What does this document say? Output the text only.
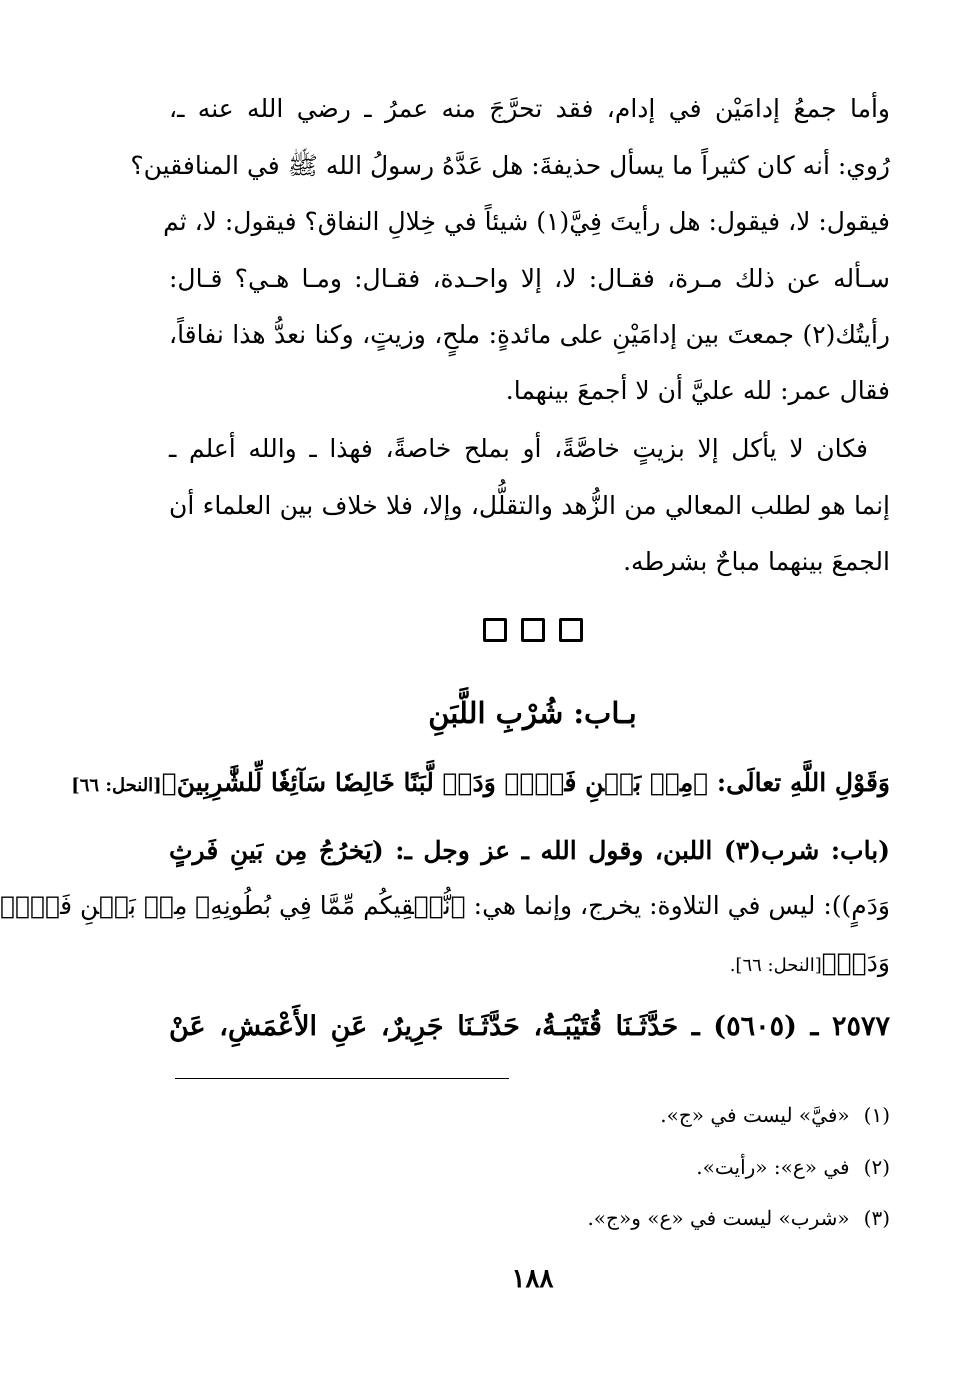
وأما جمعُ إدامَيْن في إدام، فقد تحرَّجَ منه عمرُ ـ رضي الله عنه ـ،
رُوي: أنه كان كثيراً ما يسأل حذيفةَ: هل عَدَّهُ رسولُ الله ﷺ في المنافقين؟
فيقول: لا، فيقول: هل رأيتَ فِيَّ(١) شيئاً في خِلالِ النفاق؟ فيقول: لا، ثم
سـأله عن ذلك مـرة، فقـال: لا، إلا واحـدة، فقـال: ومـا هـي؟ قـال:
رأيتُك(٢) جمعتَ بين إدامَيْنِ على مائدةٍ: ملحٍ، وزيتٍ، وكنا نعدُّ هذا نفاقاً،
فقال عمر: لله عليَّ أن لا أجمعَ بينهما.
فكان لا يأكل إلا بزيتٍ خاصَّةً، أو بملح خاصةً، فهذا ـ والله أعلم ـ
إنما هو لطلب المعالي من الزُّهد والتقلُّل، وإلا، فلا خلاف بين العلماء أن
الجمعَ بينهما مباحٌ بشرطه.
بـاب: شُرْبِ اللَّبَنِ
وَقَوْلِ اللَّهِ تعالَى: ﴿مِنۢ بَيۡنِ فَرۡثٖ وَدَمٖ لَّبَنًا خَالِصٗا سَآئِغٗا لِّلشَّٰرِبِينَ﴾[النحل: ٦٦]
(باب: شرب(٣) اللبن، وقول الله ـ عز وجل ـ: (يَخرُجُ مِن بَينِ فَرثٍ
وَدَمٍ)): ليس في التلاوة: يخرج، وإنما هي: ﴿نُّسۡقِيكُم مِّمَّا فِي بُطُونِهِۦ مِنۢ بَيۡنِ فَرۡثٖ
وَدَمٖ﴾[النحل: ٦٦].
٢٥٧٧ ـ (٥٦٠٥) ـ حَدَّثَـنَا قُتَيْبَـةُ، حَدَّثَـنَا جَرِيرٌ، عَنِ الأَعْمَشِ، عَنْ
(١)«فيَّ» ليست في «ج».
(٢)في «ع»: «رأيت».
(٣)«شرب» ليست في «ع» و«ج».
١٨٨
